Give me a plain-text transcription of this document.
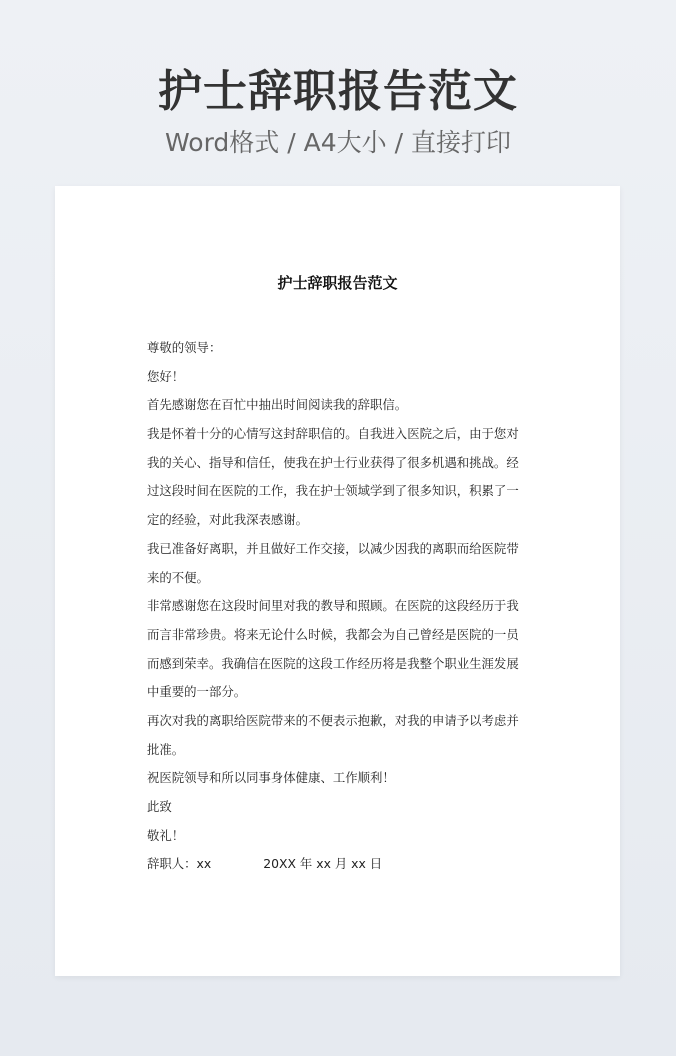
护士辞职报告范文
Word格式 / A4大小 / 直接打印
护士辞职报告范文
尊敬的领导：
您好！
首先感谢您在百忙中抽出时间阅读我的辞职信。
我是怀着十分的心情写这封辞职信的。自我进入医院之后，由于您对
我的关心、指导和信任，使我在护士行业获得了很多机遇和挑战。经
过这段时间在医院的工作，我在护士领域学到了很多知识，积累了一
定的经验，对此我深表感谢。
我已准备好离职，并且做好工作交接，以减少因我的离职而给医院带
来的不便。
非常感谢您在这段时间里对我的教导和照顾。在医院的这段经历于我
而言非常珍贵。将来无论什么时候，我都会为自己曾经是医院的一员
而感到荣幸。我确信在医院的这段工作经历将是我整个职业生涯发展
中重要的一部分。
再次对我的离职给医院带来的不便表示抱歉，对我的申请予以考虑并
批准。
祝医院领导和所以同事身体健康、工作顺利！
此致
敬礼！
辞职人：xx	20XX 年 xx 月 xx 日
